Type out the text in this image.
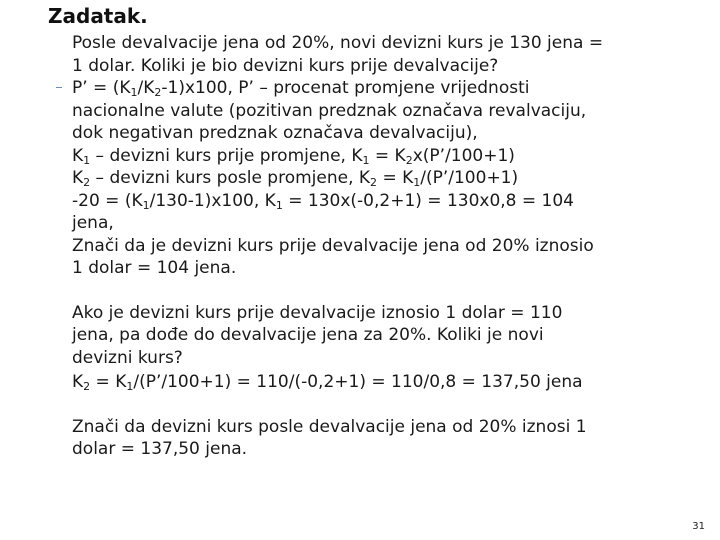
Zadatak.
Posle devalvacije jena od 20%, novi devizni kurs je 130 jena =
1 dolar. Koliki je bio devizni kurs prije devalvacije?
P’ = $(K_1/K_2-1)x100$, P’ – procenat promjene vrijednosti
nacionalne valute (pozitivan predznak označava revalvaciju,
dok negativan predznak označava devalvaciju),
$K_1$ – devizni kurs prije promjene, $K_1$ = $K_2x(P’/100+1)$
$K_2$ – devizni kurs posle promjene, $K_2$ = $K_1/(P’/100+1)$
$-20 = (K_1/130-1)x100$, $K_1 = 130x(-0,2+1) = 130x0,8 = 104$
jena,
Znači da je devizni kurs prije devalvacije jena od 20% iznosio
1 dolar = 104 jena.
Ako je devizni kurs prije devalvacije iznosio 1 dolar = 110
jena, pa dođe do devalvacije jena za 20%. Koliki je novi
devizni kurs?
$K_2$ = $K_1/(P’/100+1) = 110/(-0,2+1) = 110/0,8 = 137,50$ jena
Znači da devizni kurs posle devalvacije jena od 20% iznosi 1
dolar = 137,50 jena.
31
